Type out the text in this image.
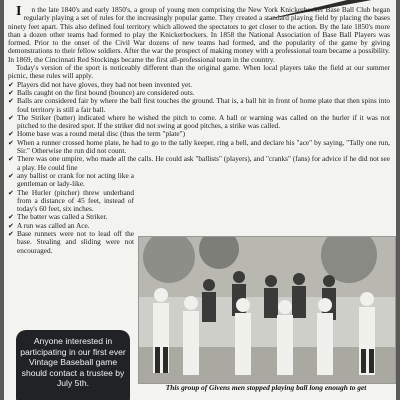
I n the late 1840's and early 1850's, a group of young men comprising the New York Knickerbocker Base Ball Club began regularly playing a set of rules for the increasingly popular game. They created a standard playing field by placing the bases ninety feet apart. This also defined foul territory which allowed the spectators to get closer to the action. By the late 1850's more than a dozen other teams had formed to play the Knickerbockers. In 1858 the National Association of Base Ball Players was formed. Prior to the onset of the Civil War dozens of new teams had formed, and the popularity of the game by giving demonstrations to their fellow soldiers. After the war the prospect of making money with a professional team became a possibility. In 1869, the Cincinnati Red Stockings became the first all-professional team in the country.

Today's version of the sport is noticeably different than the original game. When local players take the field at our summer picnic, these rules will apply.

✔ Players did not have gloves, they had not been invented yet.
✔ Balls caught on the first bound (bounce) are considered outs.
✔ Balls are considered fair by where the ball first touches the ground. That is, a ball hit in front of home plate that then spins into foul territory is still a fair ball.
✔ The Striker (batter) indicated where he wished the pitch to come. A ball or warning was called on the hurler if it was not pitched to the desired spot. If the striker did not swing at good pitches, a strike was called.
✔ Home base was a round metal disc (thus the term "plate")
✔ When a runner crossed home plate, he had to go to the tally keeper, ring a bell, and declare his "ace" by saying, "Tally one run, Sir." Otherwise the run did not count.
✔ There was one umpire, who made all the calls. He could ask "ballists" (players), and "cranks" (fans) for advice if he did not see a play. He could fine
✔ any ballist or crank for not acting like a gentleman or lady-like.
✔ The Hurler (pitcher) threw underhand from a distance of 45 feet, instead of today's 60 feet, six inches.
✔ The batter was called a Striker.
✔ A run was called an Ace.
✔ Base runners were not to lead off the base. Stealing and sliding were not encouraged.
This group of Givens men stopped playing ball long enough to get
Anyone interested in participating in our first ever Vintage Baseball game should contact a trustee by July 5th.
